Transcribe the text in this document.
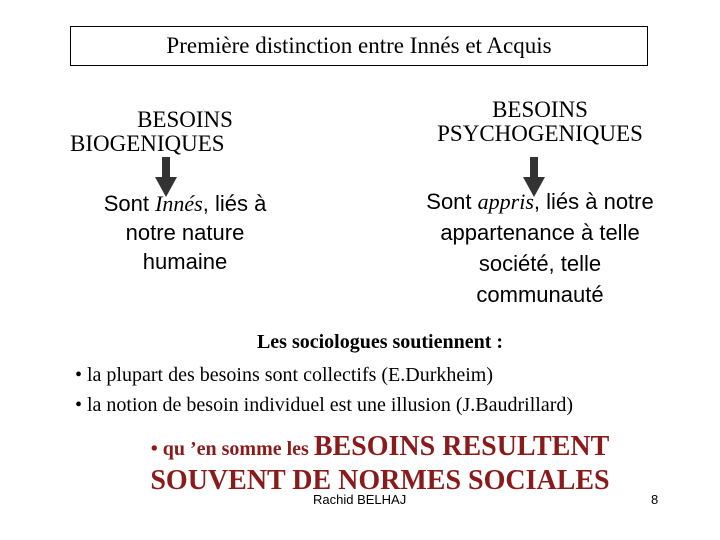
Première distinction entre Innés et Acquis
BESOINS
BIOGENIQUES
BESOINS
PSYCHOGENIQUES
Sont Innés, liés à
notre nature
humaine
Sont appris, liés à notre
appartenance à telle
société, telle
communauté
Les sociologues soutiennent :
• la plupart des besoins sont collectifs (E.Durkheim)
• la notion de besoin individuel est une illusion (J.Baudrillard)
• qu ’en somme les BESOINS RESULTENT
SOUVENT DE NORMES SOCIALES
Rachid BELHAJ	8
